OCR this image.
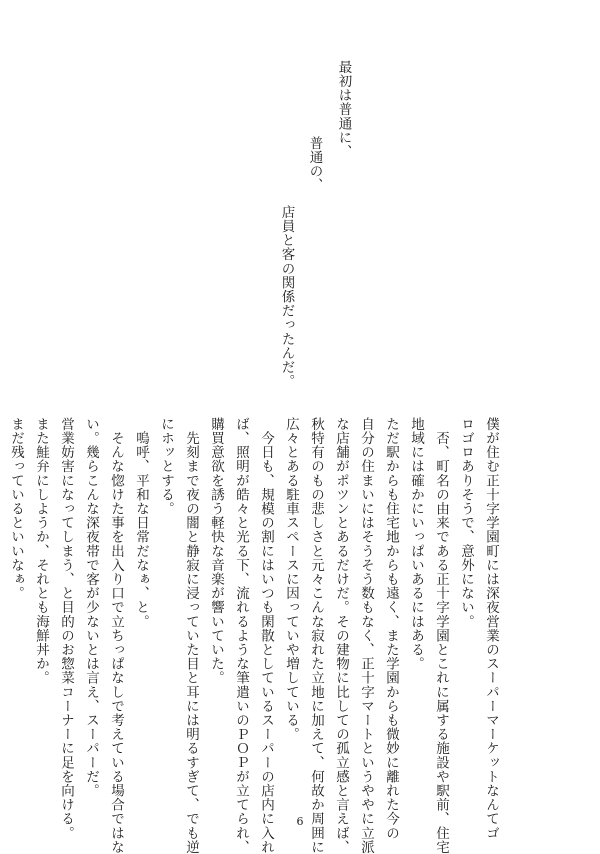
最初は普通に、
普通の、
店員と客の関係だったんだ。
僕が住む正十字学園町には深夜営業のスーパーマーケットなんてゴ
ロゴロありそうで、意外にない。
　否、町名の由来である正十字学園とこれに属する施設や駅前、住宅
地域には確かにいっぱいあるにはある。
ただ駅からも住宅地からも遠く、また学園からも微妙に離れた今の
自分の住まいにはそうそう数もなく、正十字マートというややに立派
な店舗がポツンとあるだけだ。その建物に比しての孤立感と言えば、
秋特有のもの悲しさと元々こんな寂れた立地に加えて、何故か周囲に
広々とある駐車スペースに因っていや増している。
　今日も、規模の割にはいつも閑散としているスーパーの店内に入れ
ば、照明が皓々と光る下、流れるような筆遣いのＰＯＰが立てられ、
購買意欲を誘う軽快な音楽が響いていた。
　先刻まで夜の闇と静寂に浸っていた目と耳には明るすぎて、でも逆
にホッとする。
　嗚呼、平和な日常だなぁ、と。
　そんな惚けた事を出入り口で立ちっぱなしで考えている場合ではな
い。幾らこんな深夜帯で客が少ないとは言え、スーパーだ。
営業妨害になってしまう、と目的のお惣菜コーナーに足を向ける。
また鮭弁にしようか、それとも海鮮丼か。
まだ残っているといいなぁ。
6
